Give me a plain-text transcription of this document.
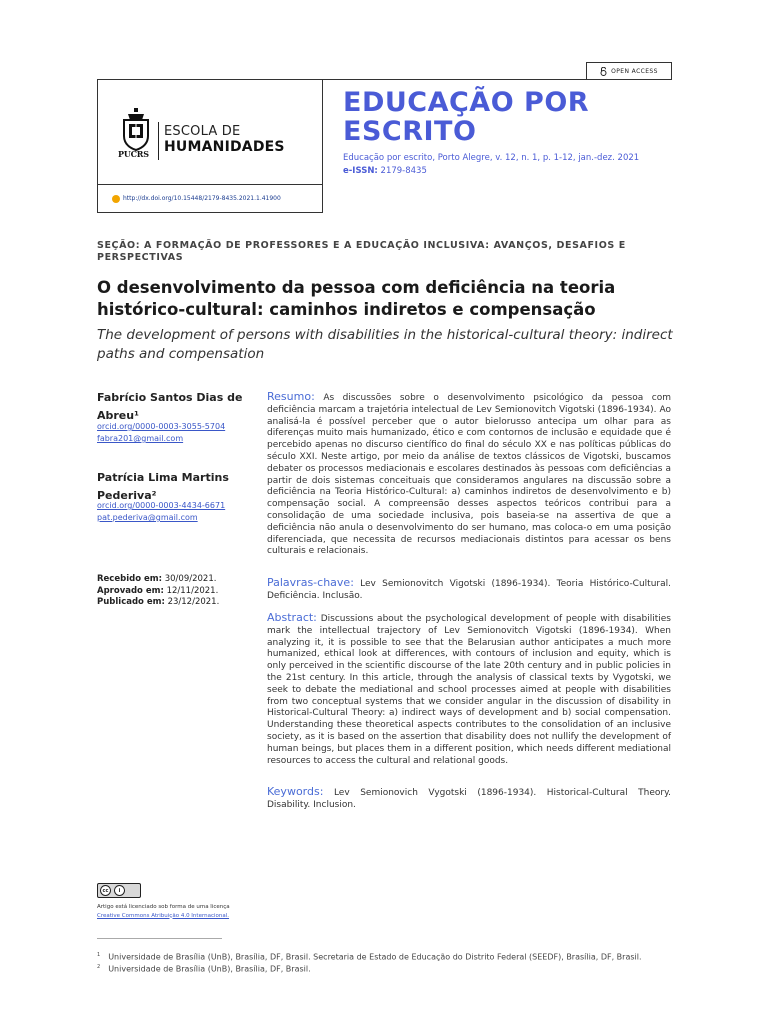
OPEN ACCESS
PUCRS
ESCOLA DE
HUMANIDADES
http://dx.doi.org/10.15448/2179-8435.2021.1.41900
EDUCAÇÃO POR ESCRITO
Educação por escrito, Porto Alegre, v. 12, n. 1, p. 1-12, jan.-dez. 2021
e-ISSN: 2179-8435
SEÇÃO: A FORMAÇÃO DE PROFESSORES E A EDUCAÇÃO INCLUSIVA: AVANÇOS, DESAFIOS E PERSPECTIVAS
O desenvolvimento da pessoa com deficiência na teoria histórico-cultural: caminhos indiretos e compensação
The development of persons with disabilities in the historical-cultural theory: indirect paths and compensation
Fabrício Santos Dias de Abreu¹
orcid.org/0000-0003-3055-5704
fabra201@gmail.com
Patrícia Lima Martins Pederiva²
orcid.org/0000-0003-4434-6671
pat.pederiva@gmail.com
Recebido em: 30/09/2021.
Aprovado em: 12/11/2021.
Publicado em: 23/12/2021.
Resumo: As discussões sobre o desenvolvimento psicológico da pessoa com deficiência marcam a trajetória intelectual de Lev Semionovitch Vigotski (1896-1934). Ao analisá-la é possível perceber que o autor bielorusso antecipa um olhar para as diferenças muito mais humanizado, ético e com contornos de inclusão e equidade que é percebido apenas no discurso científico do final do século XX e nas políticas públicas do século XXI. Neste artigo, por meio da análise de textos clássicos de Vigotski, buscamos debater os processos mediacionais e escolares destinados às pessoas com deficiências a partir de dois sistemas conceituais que consideramos angulares na discussão sobre a deficiência na Teoria Histórico-Cultural: a) caminhos indiretos de desenvolvimento e b) compensação social. A compreensão desses aspectos teóricos contribui para a consolidação de uma sociedade inclusiva, pois baseia-se na assertiva de que a deficiência não anula o desenvolvimento do ser humano, mas coloca-o em uma posição diferenciada, que necessita de recursos mediacionais distintos para acessar os bens culturais e relacionais.
Palavras-chave: Lev Semionovitch Vigotski (1896-1934). Teoria Histórico-Cultural. Deficiência. Inclusão.
Abstract: Discussions about the psychological development of people with disabilities mark the intellectual trajectory of Lev Semionovitch Vigotski (1896-1934). When analyzing it, it is possible to see that the Belarusian author anticipates a much more humanized, ethical look at differences, with contours of inclusion and equity, which is only perceived in the scientific discourse of the late 20th century and in public policies in the 21st century. In this article, through the analysis of classical texts by Vygotski, we seek to debate the mediational and school processes aimed at people with disabilities from two conceptual systems that we consider angular in the discussion of disability in Historical-Cultural Theory: a) indirect ways of development and b) social compensation. Understanding these theoretical aspects contributes to the consolidation of an inclusive society, as it is based on the assertion that disability does not nullify the development of human beings, but places them in a different position, which needs different mediational resources to access the cultural and relational goods.
Keywords: Lev Semionovich Vygotski (1896-1934). Historical-Cultural Theory. Disability. Inclusion.
cc	i
Artigo está licenciado sob forma de uma licença
Creative Commons Atribuição 4.0 Internacional.
$^1$ Universidade de Brasília (UnB), Brasília, DF, Brasil. Secretaria de Estado de Educação do Distrito Federal (SEEDF), Brasília, DF, Brasil.
$^2$ Universidade de Brasília (UnB), Brasília, DF, Brasil.
